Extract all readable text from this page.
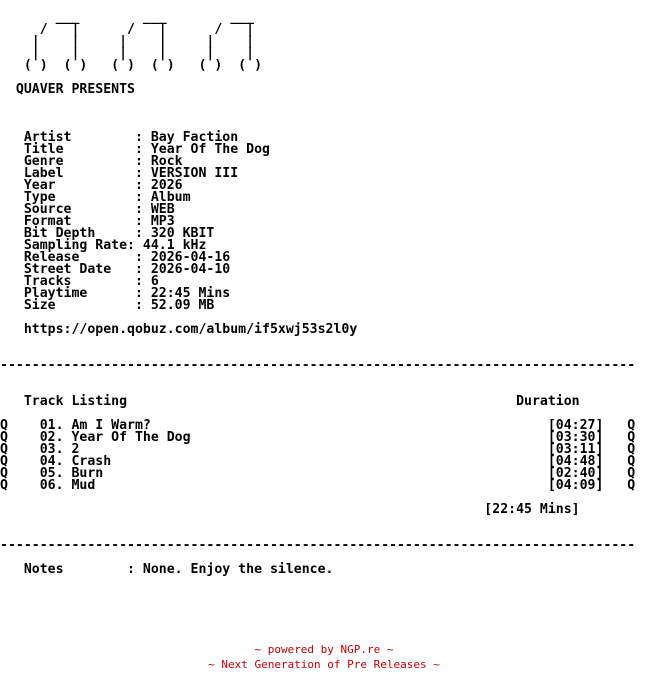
___        ___        ___
/   |      /   |      /   |
|    |     |    |     |    |
|    |     |    |     |    |
( )  ( )   ( )  ( )   ( )  ( )

QUAVER PRESENTS

Artist        : Bay Faction
Title         : Year Of The Dog
Genre         : Rock
Label         : VERSION III
Year          : 2026
Type          : Album
Source        : WEB
Format        : MP3
Bit Depth     : 320 KBIT
Sampling Rate: 44.1 kHz
Release       : 2026-04-16
Street Date   : 2026-04-10
Tracks        : 6
Playtime      : 22:45 Mins
Size          : 52.09 MB

https://open.qobuz.com/album/if5xwj53s2l0y

--------------------------------------------------------------------------------

Track Listing                                                 Duration

Q    01. Am I Warm?                                                  [04:27]   Q
Q    02. Year Of The Dog                                             [03:30]   Q
Q    03. 2                                                           [03:11]   Q
Q    04. Crash                                                       [04:48]   Q
Q    05. Burn                                                        [02:40]   Q
Q    06. Mud                                                         [04:09]   Q

[22:45 Mins]

--------------------------------------------------------------------------------

Notes        : None. Enjoy the silence.
~ powered by NGP.re ~
~ Next Generation of Pre Releases ~
